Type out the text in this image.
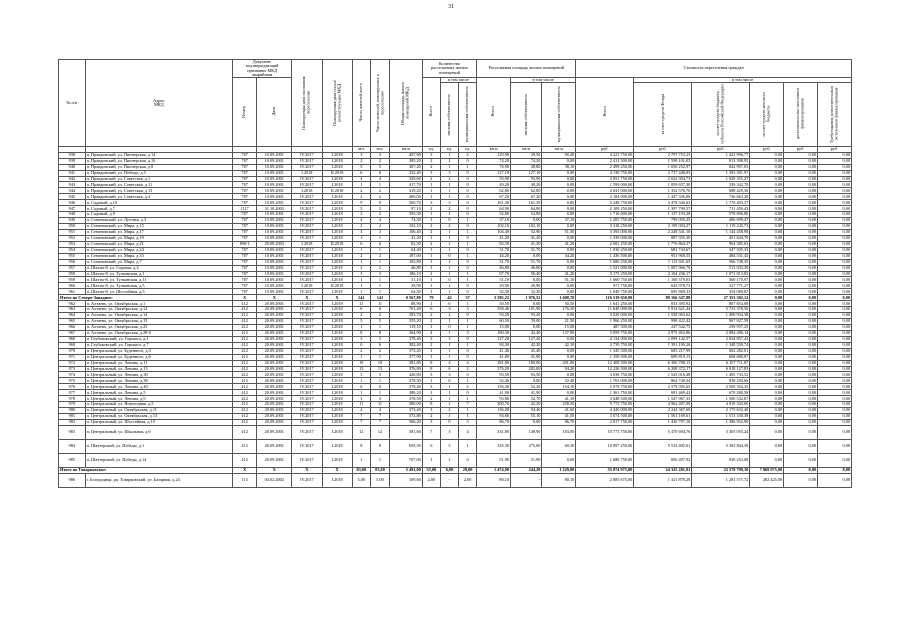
31
№ п/п	Адрес МКД	Документ, подтверждающий признание МКД аварийным		Планируемая дата окончания переселения	Планируемая дата сноса/ реконструкции МКД	Число жителей всего	Число жителей, планируемых к переселению	Общая площадь жилых помещений МКД	Количество расселяемых жилых помещений			Расселяемая площадь жилых помещений			Стоимость переселения граждан					
		Номер	Дата						Всего	в том числе		Всего	в том числе		Всего	в том числе				
										частная собственность	муниципальная собственность		частная собственность	муниципальная собственность		за счет средств Фонда	за счет средств бюджета субъекта Российской Федерации	за счет средств местного бюджета	дополнительные источники финансирования	Требующихся дополнительных источников финансирования
						чел.	чел.	кв.м	ед.	ед.	ед.	кв.м	кв.м	кв.м	руб.	руб.	руб.	руб.	руб.	руб.
938	п. Правдинский, ул. Пионерская, д.14	787	10.09.2001	IV.2017	I.2018	3	3	407,90	3	1	2	129,90	39,50	90,40	4 221 750,00	2 797 753,23	1 423 996,77	0,00	0,00	0,00
939	п. Правдинский, ул. Пионерская, д.16	787	10.09.2001	IV.2017	I.2018	2	2	385,20	2	2	0	74,20	74,20	0,00	2 411 500,00	1 598 101,05	813 398,95	0,00	0,00	0,00
940	п. Правдинский, ул. Пионерская, д.8	787	10.09.2001	IV.2017	I.2018	5	5	367,20	2	1	1	76,90	38,80	38,10	2 499 250,00	1 656 252,97	842 997,03	0,00	0,00	0,00
941	п. Правдинский, ул. Победы, д.5	787	10.09.2001	I.2018	II.2018	6	6	332,40	3	3	0	127,10	127,10	0,00	4 130 750,00	2 737 448,03	1 393 301,97	0,00	0,00	0,00
942	п. Правдинский, ул. Советская, д.1	787	10.09.2001	IV.2017	I.2018	4	4	329,60	2	2	0	93,90	93,90	0,00	3 051 750,00	2 022 394,73	1 029 355,27	0,00	0,00	0,00
943	п. Правдинский, ул. Советская, д.11	787	10.09.2001	IV.2017	I.2018	1	1	417,70	1	1	0	49,20	49,20	0,00	1 599 000,00	1 059 657,30	539 342,70	0,00	0,00	0,00
944	п. Правдинский, ул. Советская, д.13	787	10.09.2001	I.2018	II.2018	2	2	419,20	1	1	0	62,80	62,80	0,00	2 041 000,00	1 352 570,70	688 429,30	0,00	0,00	0,00
945	п. Правдинский, ул. Советская, д.4	787	10.09.2001	IV.2017	I.2018	2	2	400,00	1	1	0	67,20	67,20	0,00	2 184 000,00	1 447 336,86	736 663,20	0,00	0,00	0,00
946	п. Садовый, д.10	787	10.09.2001	IV.2017	I.2018	9	9	560,70	3	3	0	161,30	161,30	0,00	5 248 750,00	3 478 346,63	1 770 403,37	0,00	0,00	0,00
947	п. Садовый, д.7	1117	31.10.2003	IV.2017	I.2018	5	5	97,10	2	2	0	64,90	64,90	0,00	2 109 250,00	1 397 799,57	711 450,43	0,00	0,00	0,00
948	п. Садовый, д.9	787	10.09.2001	IV.2017	I.2018	2	2	395,30	1	1	0	52,80	52,80	0,00	1 716 000,00	1 137 193,28	578 806,80	0,00	0,00	0,00
949	п. Семеновский, ул. Луговая, д.3	787	10.09.2001	IV.2017	I.2018	4	4	74,30	1	0	1	37,10	0,00	37,10	1 205 750,00	799 050,35	406 699,47	0,00	0,00	0,00
950	п. Семеновский, ул. Мира, д.15	787	10.09.2001	IV.2017	I.2018	2	2	102,10	2	2	0	102,10	102,10	0,00	3 318 250,00	2 199 004,27	1 119 245,73	0,00	0,00	0,00
951	п. Семеновский, ул. Мира, д.17	787	10.09.2001	IV.2017	I.2018	3	3	106,40	2	1	1	104,40	52,90	51,50	3 393 000,00	2 248 541,10	1 144 458,90	0,00	0,00	0,00
952	п. Семеновский, ул. Мира, д.19	787	10.09.2001	IV.2017	I.2018	1	1	41,20	1	1	0	41,20	41,20	0,00	1 339 000,00	887 355,30	451 644,70	0,00	0,00	0,00
953	п. Семеновский, ул. Мира, д.21	890/1	29.08.2003	I.2018	II.2018	6	6	82,50	2	1	1	82,50	41,30	41,20	2 681 250,00	1 776 864,37	904 385,63	0,00	0,00	0,00
954	п. Семеновский, ул. Мира, д.24	787	10.09.2001	IV.2017	I.2018	1	1	64,40	1	1	0	31,70	31,70	0,00	1 030 250,00	682 744,67	347 505,33	0,00	0,00	0,00
955	п. Семеновский, ул. Мира, д.33	787	10.09.2001	IV.2017	I.2018	2	2	187,00	1	0	1	44,20	0,00	44,20	1 436 500,00	951 968,55	484 531,45	0,00	0,00	0,00
956	п. Семеновский, ул. Мира, д.7	787	10.09.2001	IV.2017	I.2018	1	1	103,80	1	1	0	51,70	51,70	0,00	1 680 250,00	1 113 501,65	566 748,35	0,00	0,00	0,00
957	п. Шахты-8, ул. Садовая, д.2	787	10.09.2001	IV.2017	I.2018	2	2	46,80	1	1	0	46,80	46,80	0,00	1 521 000,00	1 007 966,70	513 033,30	0,00	0,00	0,00
958	п. Шахты-8, ул. Тульинская, д.1	787	10.09.2001	IV.2017	I.2018	3	3	186,10	2	1	1	97,70	56,40	41,20	3 175 250,00	2 104 236,17	1 071 013,83	0,00	0,00	0,00
959	п. Шахты-8, ул. Тульинская, д.11	787	10.09.2001	IV.2017	I.2018	1	1	51,10	1	0	1	51,10	0,00	51,10	1 660 750,00	1 100 579,03	560 170,97	0,00	0,00	0,00
960	п. Шахты-8, ул. Тульинская, д.5	787	10.09.2001	I.2018	II.2018	1	1	29,90	1	1	0	29,90	29,90	0,00	971 750,00	643 978,73	327 771,27	0,00	0,00	0,00
961	п. Шахты-8, ул. Шоссейная, д.5	787	10.09.2001	IV.2017	I.2018	1	1	64,30	1	1	0	32,30	32,30	0,00	1 049 750,00	695 669,33	354 080,67	0,00	0,00	0,00
Итого по Северо-Западное:		X	X	X	X	141	141	9 567,80	79	42	37	3 585,22	1 976,52	1 608,70	116 519 650,00	89 166 347,88	27 353 302,12	0,00	0,00	0,00
962	п. Алтаево, ул. Октябрьская, д.1	412	20.09.2001	IV.2017	I.2018	11	11	88,90	1	0	1	50,50	0,00	50,50	1 641 250,00	833 395,92	807 854,08	0,00	0,00	0,00
963	п. Алтаево, ул. Октябрьская, д.12	412	20.09.2001	IV.2017	I.2018	6	6	701,40	6	3	3	358,40	181,90	176,50	11 648 000,00	5 914 621,44	5 733 378,56	0,00	0,00	0,00
964	п. Алтаево, ул. Октябрьская, д.14	412	20.09.2001	IV.2017	I.2018	2	2	183,70	2	2	0	93,20	93,20	0,00	3 029 000,00	1 538 063,62	1 490 934,38	0,00	0,00	0,00
965	п. Алтаево, ул. Октябрьская, д.15	412	20.09.2001	IV.2017	I.2018	5	5	355,20	2	1	1	60,50	39,00	21,50	1 966 250,00	998 422,42	967 827,58	0,00	0,00	0,00
966	п. Алтаево, ул. Октябрьская, д.23	412	20.09.2001	IV.2017	I.2018	1	1	119,10	1	0	1	15,00	0,00	15,00	487 500,00	247 542,75	239 957,25	0,00	0,00	0,00
967	п. Алтаево, ул. Октябрьская, д.28-б	412	20.09.2001	IV.2017	I.2018	8	8	364,90	4	1	3	180,30	42,40	137,90	5 859 750,00	2 975 463,86	2 884 286,14	0,00	0,00	0,00
968	п. Глубоковский, ул. Горького, д.1	412	20.09.2001	IV.2017	I.2018	3	3	378,40	3	3	0	127,20	127,20	0,00	4 134 000,00	2 099 142,57	2 034 857,43	0,00	0,00	0,00
969	п. Глубоковский, ул. Горького, д.7	412	20.09.2001	IV.2017	I.2018	6	6	382,40	2	1	1	84,30	42,20	42,10	2 739 750,00	1 391 190,26	1 348 559,74	0,00	0,00	0,00
970	п. Центральный, ул. Буденного, д.3	412	20.09.2001	IV.2017	I.2018	2	2	373,20	1	1	0	41,40	41,40	0,00	1 345 500,00	683 217,99	662 282,01	0,00	0,00	0,00
971	п. Центральный, ул. Буденного, д.6	412	20.09.2001	IV.2017	I.2018	1	1	377,90	1	1	0	41,80	41,80	0,00	1 358 500,00	689 819,13	668 680,87	0,00	0,00	0,00
972	п. Центральный, ул. Ленина, д.11	412	20.09.2001	IV.2017	I.2018	19	19	381,80	8	4	4	381,80	180,00	201,80	12 408 500,00	6 300 788,13	6 107 711,87	0,00	0,00	0,00
973	п. Центральный, ул. Ленина, д.13	412	20.09.2001	IV.2017	I.2018	13	13	376,80	8	6	2	376,20	282,00	94,20	12 226 500,00	6 208 372,17	6 018 127,83	0,00	0,00	0,00
974	п. Центральный, ул. Ленина, д.30	412	20.09.2001	IV.2017	I.2018	3	3	420,00	3	3	0	93,50	93,50	0,00	3 038 750,00	1 543 016,48	1 495 733,52	0,00	0,00	0,00
975	п. Центральный, ул. Ленина, д.38	412	20.09.2001	IV.2017	I.2018	1	1	378,30	1	0	1	52,40	0,00	52,40	1 703 000,00	864 749,34	838 250,66	0,00	0,00	0,00
976	п. Центральный, ул. Ленина, д.40	412	20.09.2001	IV.2017	I.2018	6	6	378,40	3	1	2	156,30	52,20	104,10	5 079 750,00	2 579 395,65	2 500 354,35	0,00	0,00	0,00
977	п. Центральный, ул. Ленина, д.5	412	20.09.2001	IV.2017	I.2018	1	1	380,20	1	1	0	41,90	41,90	0,00	1 361 750,00	691 469,42	670 280,58	0,00	0,00	0,00
978	п. Центральный, ул. Ленина, д.9	412	20.09.2001	IV.2017	I.2018	3	3	378,50	2	1	1	93,80	52,70	41,10	3 048 500,00	1 547 967,33	1 500 532,67	0,00	0,00	0,00
979	п. Центральный, ул. Новогодняя, д.5	412	20.09.2001	IV.2017	I.2018	11	11	380,00	8	1	7	300,70	42,20	258,50	9 772 750,00	4 962 407,00	4 810 343,00	0,00	0,00	0,00
980	п. Центральный, ул. Октябрьская, д.11	412	20.09.2001	IV.2017	I.2018	4	4	373,40	3	2	1	136,00	94,40	41,60	4 420 000,00	2 244 367,60	2 175 632,40	0,00	0,00	0,00
981	п. Центральный, ул. Октябрьская, д.13	412	20.09.2001	IV.2017	I.2018	7	7	372,80	2	1	1	94,60	55,10	41,50	3 074 500,00	1 561 169,61	1 513 330,39	0,00	0,00	0,00
982	п. Центральный, ул. Шоссейная, д.10	412	20.09.2001	IV.2017	I.2018	7	7	366,20	3	0	3	86,70	0,00	86,70	2 817 750,00	1 430 797,10	1 386 952,90	0,00	0,00	0,00
983	п. Центральный, ул. Школьная, д.6	412	20.09.2001	IV.2017	I.2018	12	12	381,60	7	3	4	331,80	148,90	183,00	10 773 750,00	5 470 694,76	5 303 055,24	0,00	0,00	0,00
984	п. Шахтерский, ул. Победы, д.1	412	20.09.2001	IV.2017	I.2018	8	8	695,30	6	5	1	335,30	275,00	60,30	10 897 250,00	5 533 405,61	5 363 844,39	0,00	0,00	0,00
985	п. Шахтерский, ул. Победы, д.14	412	20.09.2001	IV.2017	I.2018	1	1	707,00	1	1	0	51,90	51,90	0,00	1 686 750,00	856 497,92	830 252,08	0,00	0,00	0,00
Итого по Товарковское:		X	X	X	X	83,00	83,00	5 491,00	35,00	6,00	29,00	1 474,00	244,20	1 229,80	55 874 975,00	24 325 201,91	23 579 799,10	7 969 975,00	0,00	0,00
986	г. Богородицк, рп. Товарковский, ул. Базарная, д.24	113	04.02.2002	IV.2017	I.2018	5,00	5,00	109,60	2,00	-	2,00	80,10	-	80,10	2 885 675,00	1 321 878,28	1 281 571,72	282 425,00	0,00	0,00
